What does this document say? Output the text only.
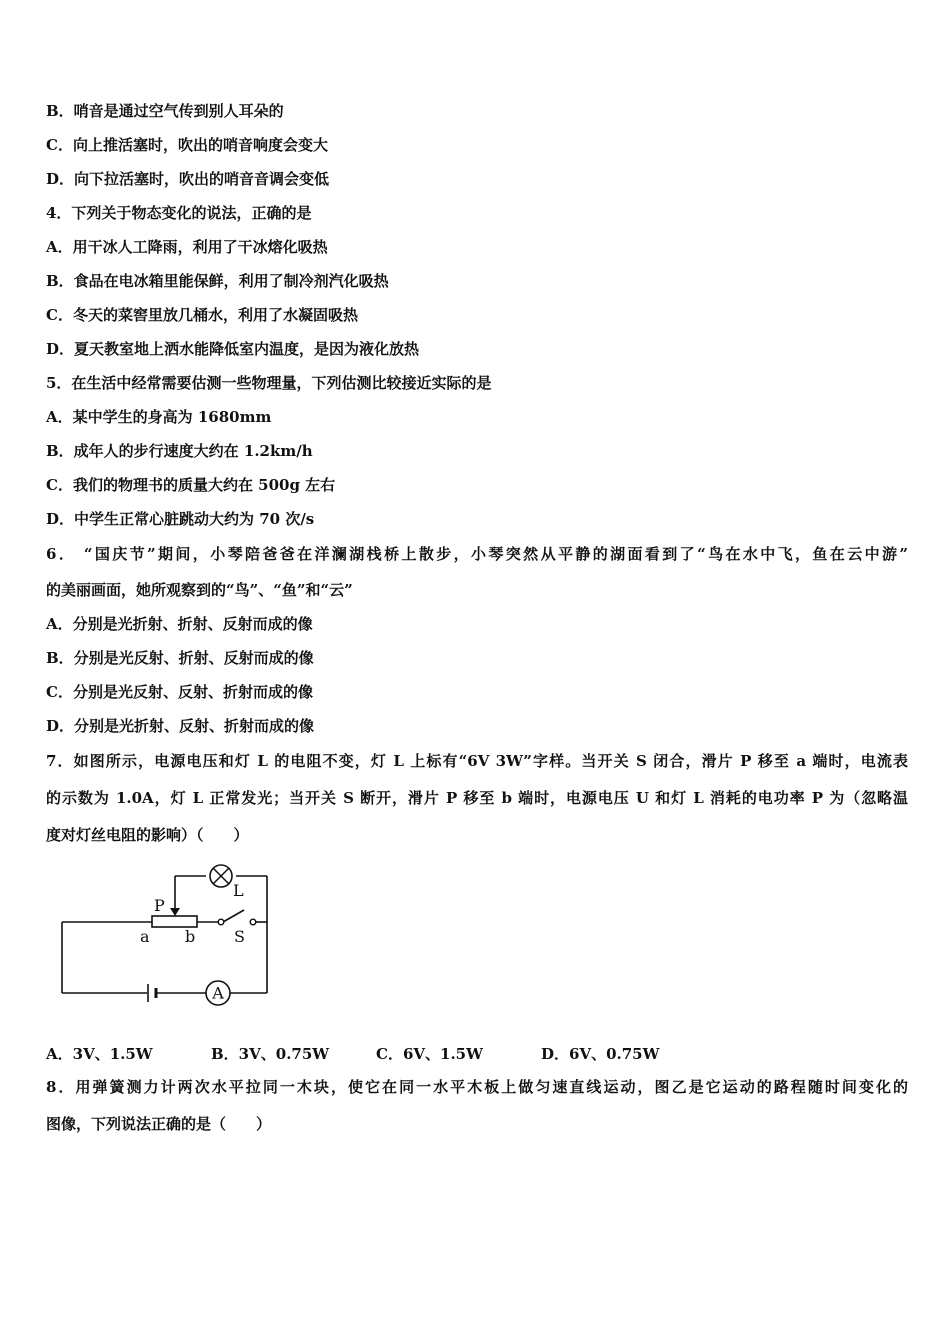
B．哨音是通过空气传到别人耳朵的
C．向上推活塞时，吹出的哨音响度会变大
D．向下拉活塞时，吹出的哨音音调会变低
4．下列关于物态变化的说法，正确的是
A．用干冰人工降雨，利用了干冰熔化吸热
B．食品在电冰箱里能保鲜，利用了制冷剂汽化吸热
C．冬天的菜窖里放几桶水，利用了水凝固吸热
D．夏天教室地上洒水能降低室内温度，是因为液化放热
5．在生活中经常需要估测一些物理量，下列估测比较接近实际的是
A．某中学生的身高为 1680mm
B．成年人的步行速度大约在 1.2km/h
C．我们的物理书的质量大约在 500g 左右
D．中学生正常心脏跳动大约为 70 次/s
6． “国庆节”期间，小琴陪爸爸在洋澜湖栈桥上散步，小琴突然从平静的湖面看到了“鸟在水中飞，鱼在云中游”
的美丽画面，她所观察到的“鸟”、“鱼”和“云”
A．分别是光折射、折射、反射而成的像
B．分别是光反射、折射、反射而成的像
C．分别是光反射、反射、折射而成的像
D．分别是光折射、反射、折射而成的像
7．如图所示，电源电压和灯 L 的电阻不变，灯 L 上标有“6V 3W”字样。当开关 S 闭合，滑片 P 移至 a 端时，电流表
的示数为 1.0A，灯 L 正常发光；当开关 S 断开，滑片 P 移至 b 端时，电源电压 U 和灯 L 消耗的电功率 P 为（忽略温
度对灯丝电阻的影响）（　　）
A
L
P
a b S
A．3V、1.5W	B．3V、0.75W	C．6V、1.5W	D．6V、0.75W
8．用弹簧测力计两次水平拉同一木块，使它在同一水平木板上做匀速直线运动，图乙是它运动的路程随时间变化的
图像，下列说法正确的是（　　）
